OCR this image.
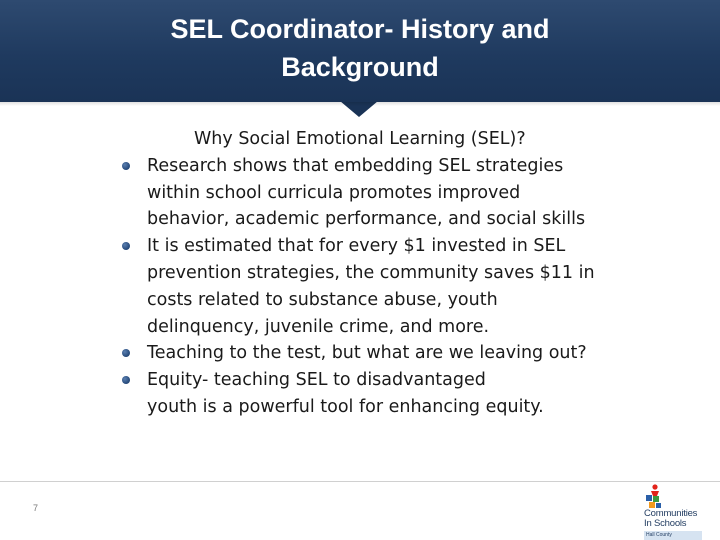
SEL Coordinator- History and
Background

Why Social Emotional Learning (SEL)?

Research shows that embedding SEL strategies
within school curricula promotes improved
behavior, academic performance, and social skills
It is estimated that for every $1 invested in SEL
prevention strategies, the community saves $11 in
costs related to substance abuse, youth
delinquency, juvenile crime, and more.
Teaching to the test, but what are we leaving out?
Equity- teaching SEL to disadvantaged
youth is a powerful tool for enhancing equity.
7	Communities
In Schools
Hall County
